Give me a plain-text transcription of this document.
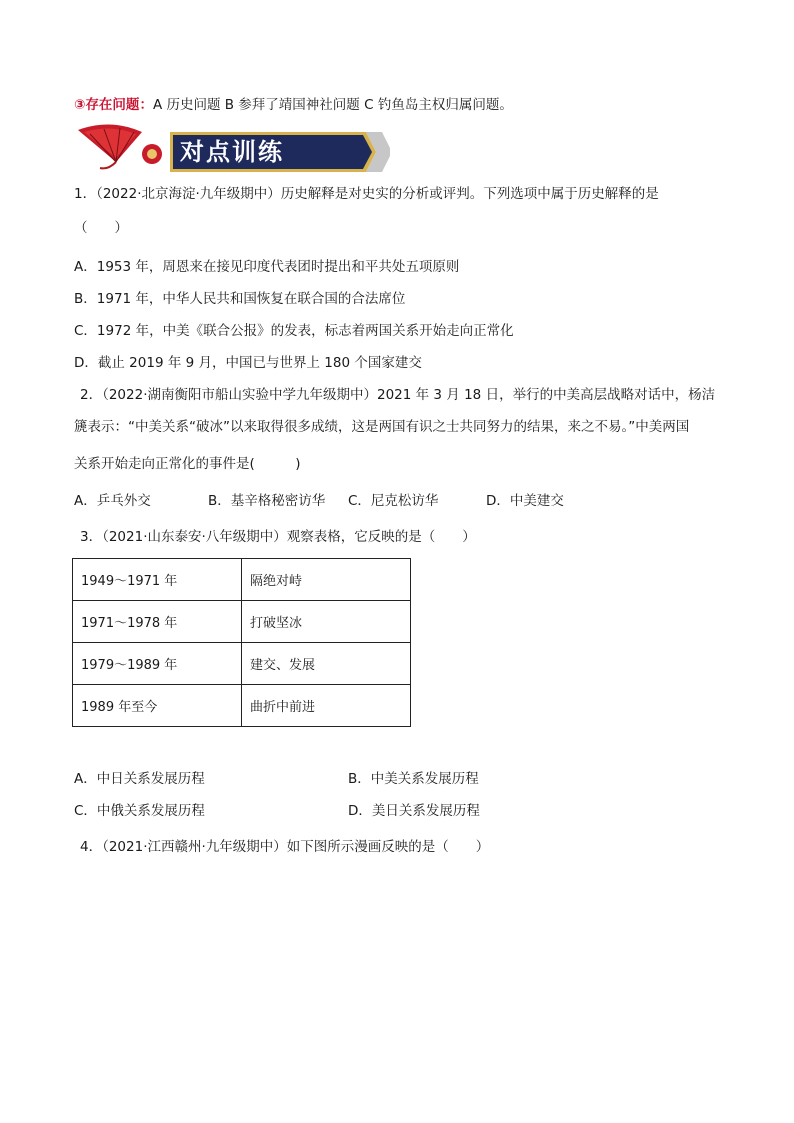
③存在问题：A 历史问题 B 参拜了靖国神社问题 C 钓鱼岛主权归属问题。
对点训练
1．（2022·北京海淀·九年级期中）历史解释是对史实的分析或评判。下列选项中属于历史解释的是
（　　）
A．1953 年，周恩来在接见印度代表团时提出和平共处五项原则
B．1971 年，中华人民共和国恢复在联合国的合法席位
C．1972 年，中美《联合公报》的发表，标志着两国关系开始走向正常化
D．截止 2019 年 9 月，中国已与世界上 180 个国家建交
2．（2022·湖南衡阳市船山实验中学九年级期中）2021 年 3 月 18 日，举行的中美高层战略对话中，杨洁
篪表示：“中美关系“破冰”以来取得很多成绩，这是两国有识之士共同努力的结果，来之不易。”中美两国
关系开始走向正常化的事件是(　　　)
A．乒乓外交	B．基辛格秘密访华 C．尼克松访华	D．中美建交
3．（2021·山东泰安·八年级期中）观察表格，它反映的是（　　）
1949～1971 年	隔绝对峙
1971～1978 年	打破坚冰
1979～1989 年	建交、发展
1989 年至今	曲折中前进
A．中日关系发展历程	B．中美关系发展历程
C．中俄关系发展历程	D．美日关系发展历程
4．（2021·江西赣州·九年级期中）如下图所示漫画反映的是（　　）
